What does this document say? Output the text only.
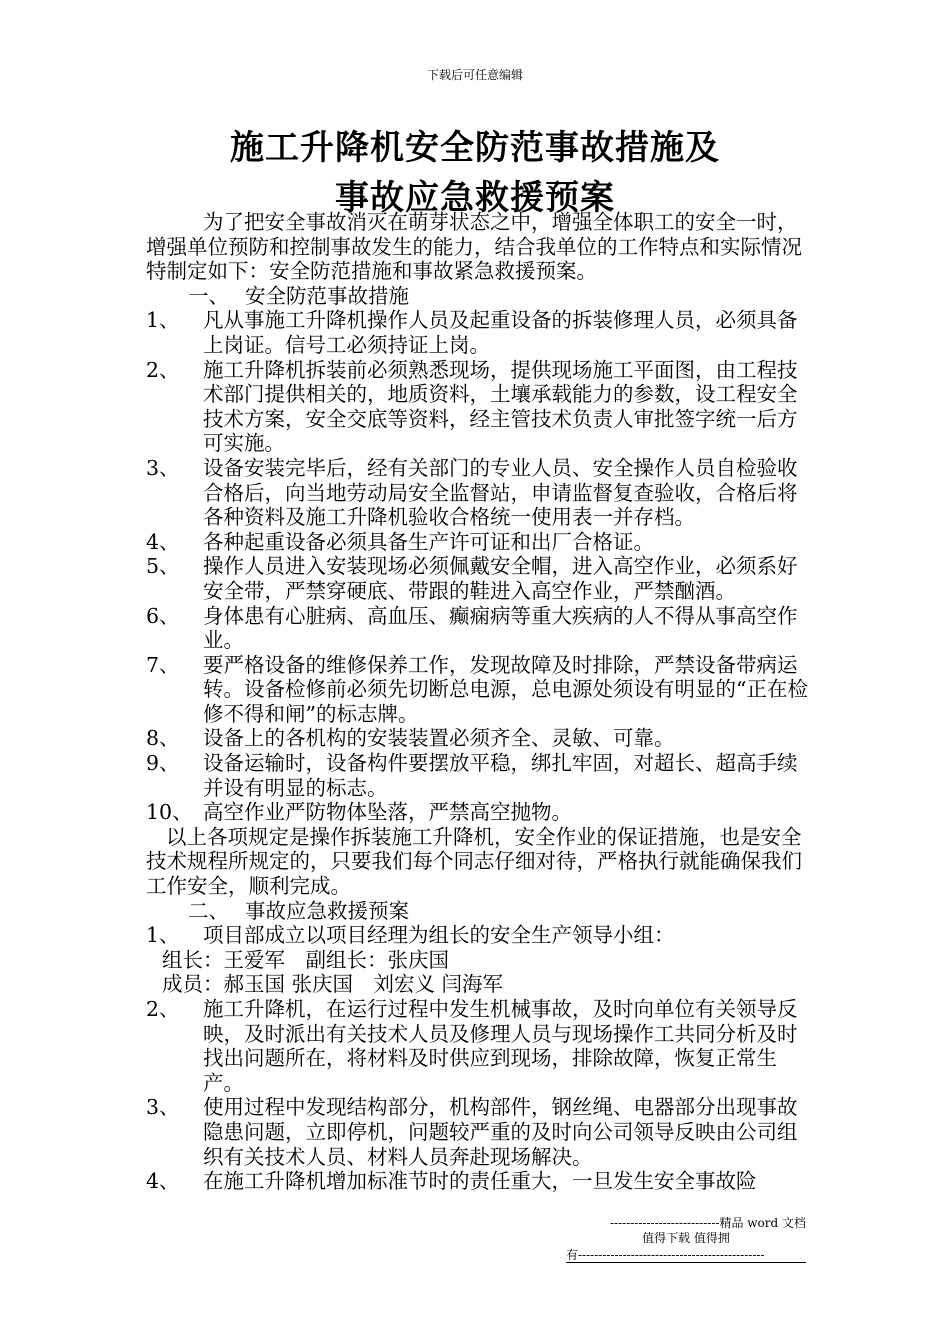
下载后可任意编辑
施工升降机安全防范事故措施及
事故应急救援预案

为了把安全事故消灭在萌芽状态之中，增强全体职工的安全一时，增强单位预防和控制事故发生的能力，结合我单位的工作特点和实际情况特制定如下：安全防范措施和事故紧急救援预案。

一、 安全防范事故措施

1、 凡从事施工升降机操作人员及起重设备的拆装修理人员，必须具备上岗证。信号工必须持证上岗。
2、 施工升降机拆装前必须熟悉现场，提供现场施工平面图，由工程技术部门提供相关的，地质资料，土壤承载能力的参数，设工程安全技术方案，安全交底等资料，经主管技术负责人审批签字统一后方可实施。
3、 设备安装完毕后，经有关部门的专业人员、安全操作人员自检验收合格后，向当地劳动局安全监督站，申请监督复查验收，合格后将各种资料及施工升降机验收合格统一使用表一并存档。
4、 各种起重设备必须具备生产许可证和出厂合格证。
5、 操作人员进入安装现场必须佩戴安全帽，进入高空作业，必须系好安全带，严禁穿硬底、带跟的鞋进入高空作业，严禁酗酒。
6、 身体患有心脏病、高血压、癫痫病等重大疾病的人不得从事高空作业。
7、 要严格设备的维修保养工作，发现故障及时排除，严禁设备带病运转。设备检修前必须先切断总电源，总电源处须设有明显的“正在检修不得和闸”的标志牌。
8、 设备上的各机构的安装装置必须齐全、灵敏、可靠。
9、 设备运输时，设备构件要摆放平稳，绑扎牢固，对超长、超高手续并设有明显的标志。
10、 高空作业严防物体坠落，严禁高空抛物。

以上各项规定是操作拆装施工升降机，安全作业的保证措施，也是安全技术规程所规定的，只要我们每个同志仔细对待，严格执行就能确保我们工作安全，顺利完成。

二、 事故应急救援预案

1、 项目部成立以项目经理为组长的安全生产领导小组：

组长：王爱军　副组长：张庆国

成员：郝玉国 张庆国　刘宏义 闫海军

2、 施工升降机，在运行过程中发生机械事故，及时向单位有关领导反映，及时派出有关技术人员及修理人员与现场操作工共同分析及时找出问题所在，将材料及时供应到现场，排除故障，恢复正常生产。
3、 使用过程中发现结构部分，机构部件，钢丝绳、电器部分出现事故隐患问题，立即停机，问题较严重的及时向公司领导反映由公司组织有关技术人员、材料人员奔赴现场解决。
4、 在施工升降机增加标准节时的责任重大，一旦发生安全事故险
---------------------------精品 word 文档
值得下载 值得拥
有----------------------------------------------
